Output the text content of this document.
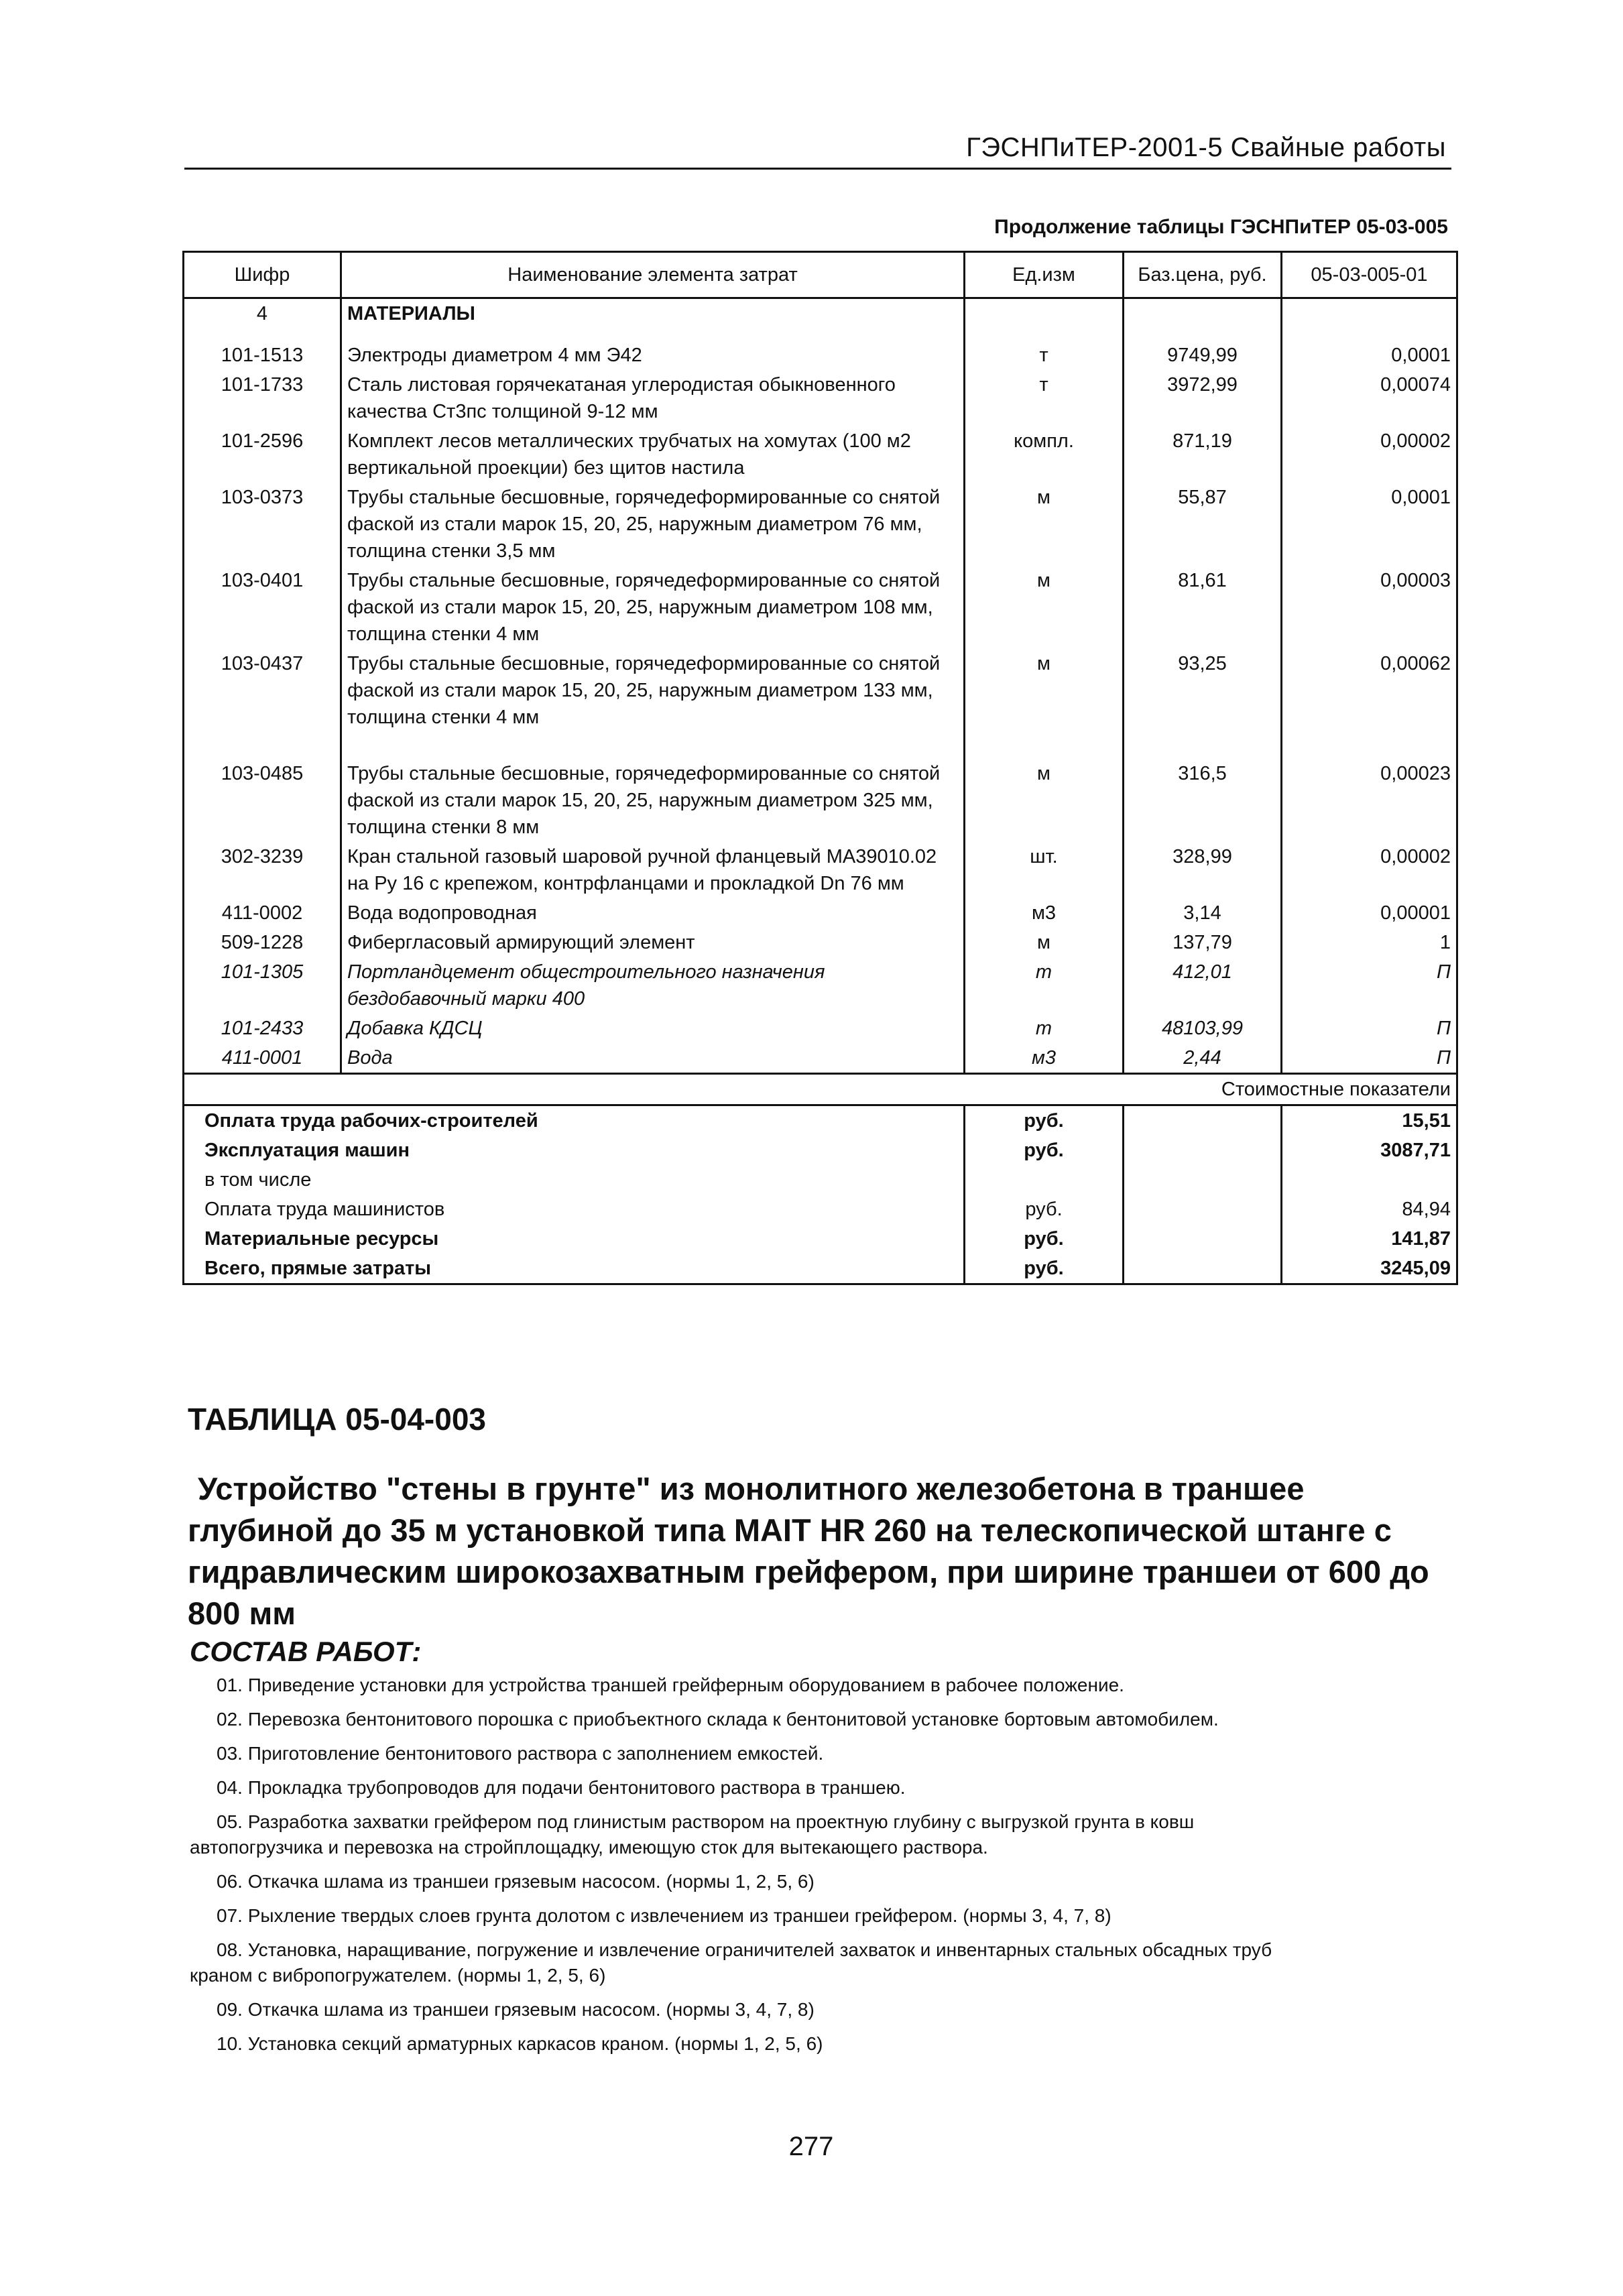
ГЭСНПиТЕР-2001-5 Свайные работы
Продолжение таблицы ГЭСНПиТЕР 05-03-005
Шифр	Наименование элемента затрат	Ед.изм	Баз.цена, руб.	05-03-005-01
4	МАТЕРИАЛЫ			

101-1513	Электроды диаметром 4 мм Э42	т	9749,99	0,0001
101-1733	Сталь листовая горячекатаная углеродистая обыкновенного качества Ст3пс толщиной 9-12 мм	т	3972,99	0,00074
101-2596	Комплект лесов металлических трубчатых на хомутах (100 м2 вертикальной проекции) без щитов настила	компл.	871,19	0,00002
103-0373	Трубы стальные бесшовные, горячедеформированные со снятой фаской из стали марок 15, 20, 25, наружным диаметром 76 мм, толщина стенки 3,5 мм	м	55,87	0,0001
103-0401	Трубы стальные бесшовные, горячедеформированные со снятой фаской из стали марок 15, 20, 25, наружным диаметром 108 мм, толщина стенки 4 мм	м	81,61	0,00003
103-0437	Трубы стальные бесшовные, горячедеформированные со снятой фаской из стали марок 15, 20, 25, наружным диаметром 133 мм, толщина стенки 4 мм	м	93,25	0,00062

103-0485	Трубы стальные бесшовные, горячедеформированные со снятой фаской из стали марок 15, 20, 25, наружным диаметром 325 мм, толщина стенки 8 мм	м	316,5	0,00023
302-3239	Кран стальной газовый шаровой ручной фланцевый МА39010.02 на Ру 16 с крепежом, контрфланцами и прокладкой Dn 76 мм	шт.	328,99	0,00002
411-0002	Вода водопроводная	м3	3,14	0,00001
509-1228	Фибергласовый армирующий элемент	м	137,79	1
101-1305	Портландцемент общестроительного назначения бездобавочный марки 400	т	412,01	П
101-2433	Добавка КДСЦ	т	48103,99	П
411-0001	Вода	м3	2,44	П
Стоимостные показатели				
Оплата труда рабочих-строителей		руб.		15,51
Эксплуатация машин		руб.		3087,71
в том числе				
Оплата труда машинистов		руб.		84,94
Материальные ресурсы		руб.		141,87
Всего, прямые затраты		руб.		3245,09
ТАБЛИЦА 05-04-003
Устройство "стены в грунте" из монолитного железобетона в траншее
глубиной до 35 м установкой типа MAIT HR 260 на телескопической штанге с
гидравлическим широкозахватным грейфером, при ширине траншеи от 600 до
800 мм
СОСТАВ РАБОТ:
01. Приведение установки для устройства траншей грейферным оборудованием в рабочее положение.
02. Перевозка бентонитового порошка с приобъектного склада к бентонитовой установке бортовым автомобилем.
03. Приготовление бентонитового раствора с заполнением емкостей.
04. Прокладка трубопроводов для подачи бентонитового раствора в траншею.
05. Разработка захватки грейфером под глинистым раствором на проектную глубину с выгрузкой грунта в ковш
автопогрузчика и перевозка на стройплощадку, имеющую сток для вытекающего раствора.
06. Откачка шлама из траншеи грязевым насосом. (нормы 1, 2, 5, 6)
07. Рыхление твердых слоев грунта долотом с извлечением из траншеи грейфером. (нормы 3, 4, 7, 8)
08. Установка, наращивание, погружение и извлечение ограничителей захваток и инвентарных стальных обсадных труб
краном с вибропогружателем. (нормы 1, 2, 5, 6)
09. Откачка шлама из траншеи грязевым насосом. (нормы 3, 4, 7, 8)
10. Установка секций арматурных каркасов краном. (нормы 1, 2, 5, 6)
277
